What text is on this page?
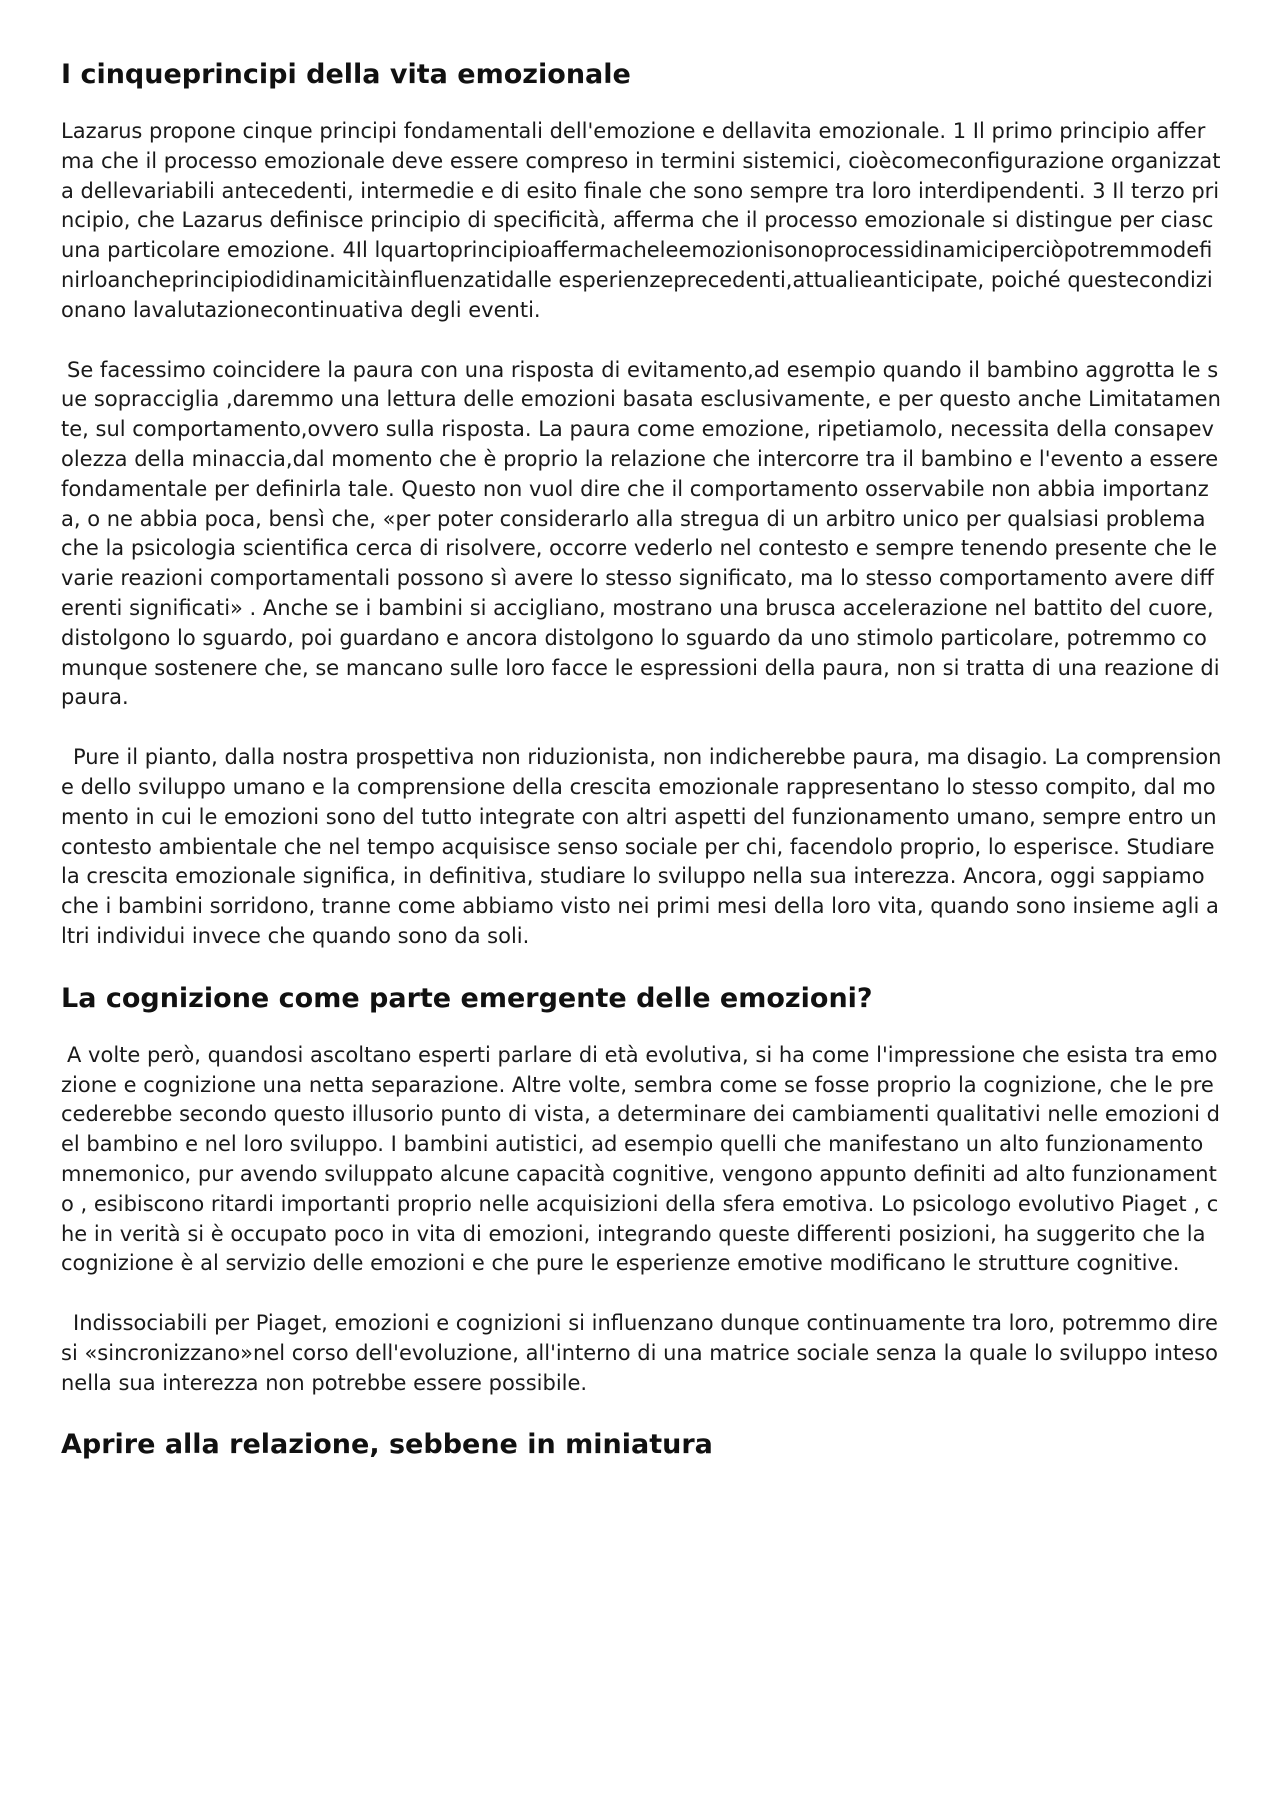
I cinqueprincipi della vita emozionale

Lazarus propone cinque principi fondamentali dell'emozione e dellavita emozionale. 1 Il primo principio afferma che il processo emozionale deve essere compreso in termini sistemici, cioècomeconfigurazione organizzata dellevariabili antecedenti, intermedie e di esito finale che sono sempre tra loro interdipendenti. 3 Il terzo principio, che Lazarus definisce principio di specificità, afferma che il processo emozionale si distingue per ciascuna particolare emozione. 4Il lquartoprincipioaffermacheleemozionisonoprocessidinamiciperciòpotremmodefinirloancheprincipiodidinamicitàinfluenzatidalle esperienzeprecedenti,attualieanticipate, poiché questecondizionano lavalutazionecontinuativa degli eventi.

Se facessimo coincidere la paura con una risposta di evitamento,ad esempio quando il bambino aggrotta le sue sopracciglia ,daremmo una lettura delle emozioni basata esclusivamente, e per questo anche Limitatamente, sul comportamento,ovvero sulla risposta. La paura come emozione, ripetiamolo, necessita della consapevolezza della minaccia,dal momento che è proprio la relazione che intercorre tra il bambino e l'evento a essere fondamentale per definirla tale. Questo non vuol dire che il comportamento osservabile non abbia importanza, o ne abbia poca, bensì che, «per poter considerarlo alla stregua di un arbitro unico per qualsiasi problema che la psicologia scientifica cerca di risolvere, occorre vederlo nel contesto e sempre tenendo presente che le varie reazioni comportamentali possono sì avere lo stesso significato, ma lo stesso comportamento avere differenti significati» . Anche se i bambini si accigliano, mostrano una brusca accelerazione nel battito del cuore, distolgono lo sguardo, poi guardano e ancora distolgono lo sguardo da uno stimolo particolare, potremmo comunque sostenere che, se mancano sulle loro facce le espressioni della paura, non si tratta di una reazione di paura.

Pure il pianto, dalla nostra prospettiva non riduzionista, non indicherebbe paura, ma disagio. La comprensione dello sviluppo umano e la comprensione della crescita emozionale rappresentano lo stesso compito, dal momento in cui le emozioni sono del tutto integrate con altri aspetti del funzionamento umano, sempre entro un contesto ambientale che nel tempo acquisisce senso sociale per chi, facendolo proprio, lo esperisce. Studiare la crescita emozionale significa, in definitiva, studiare lo sviluppo nella sua interezza. Ancora, oggi sappiamo che i bambini sorridono, tranne come abbiamo visto nei primi mesi della loro vita, quando sono insieme agli altri individui invece che quando sono da soli.

La cognizione come parte emergente delle emozioni?

A volte però, quandosi ascoltano esperti parlare di età evolutiva, si ha come l'impressione che esista tra emozione e cognizione una netta separazione. Altre volte, sembra come se fosse proprio la cognizione, che le precederebbe secondo questo illusorio punto di vista, a determinare dei cambiamenti qualitativi nelle emozioni del bambino e nel loro sviluppo. I bambini autistici, ad esempio quelli che manifestano un alto funzionamento mnemonico, pur avendo sviluppato alcune capacità cognitive, vengono appunto definiti ad alto funzionamento , esibiscono ritardi importanti proprio nelle acquisizioni della sfera emotiva. Lo psicologo evolutivo Piaget , che in verità si è occupato poco in vita di emozioni, integrando queste differenti posizioni, ha suggerito che la cognizione è al servizio delle emozioni e che pure le esperienze emotive modificano le strutture cognitive.

Indissociabili per Piaget, emozioni e cognizioni si influenzano dunque continuamente tra loro, potremmo dire si «sincronizzano»nel corso dell'evoluzione, all'interno di una matrice sociale senza la quale lo sviluppo inteso nella sua interezza non potrebbe essere possibile.

Aprire alla relazione, sebbene in miniatura
